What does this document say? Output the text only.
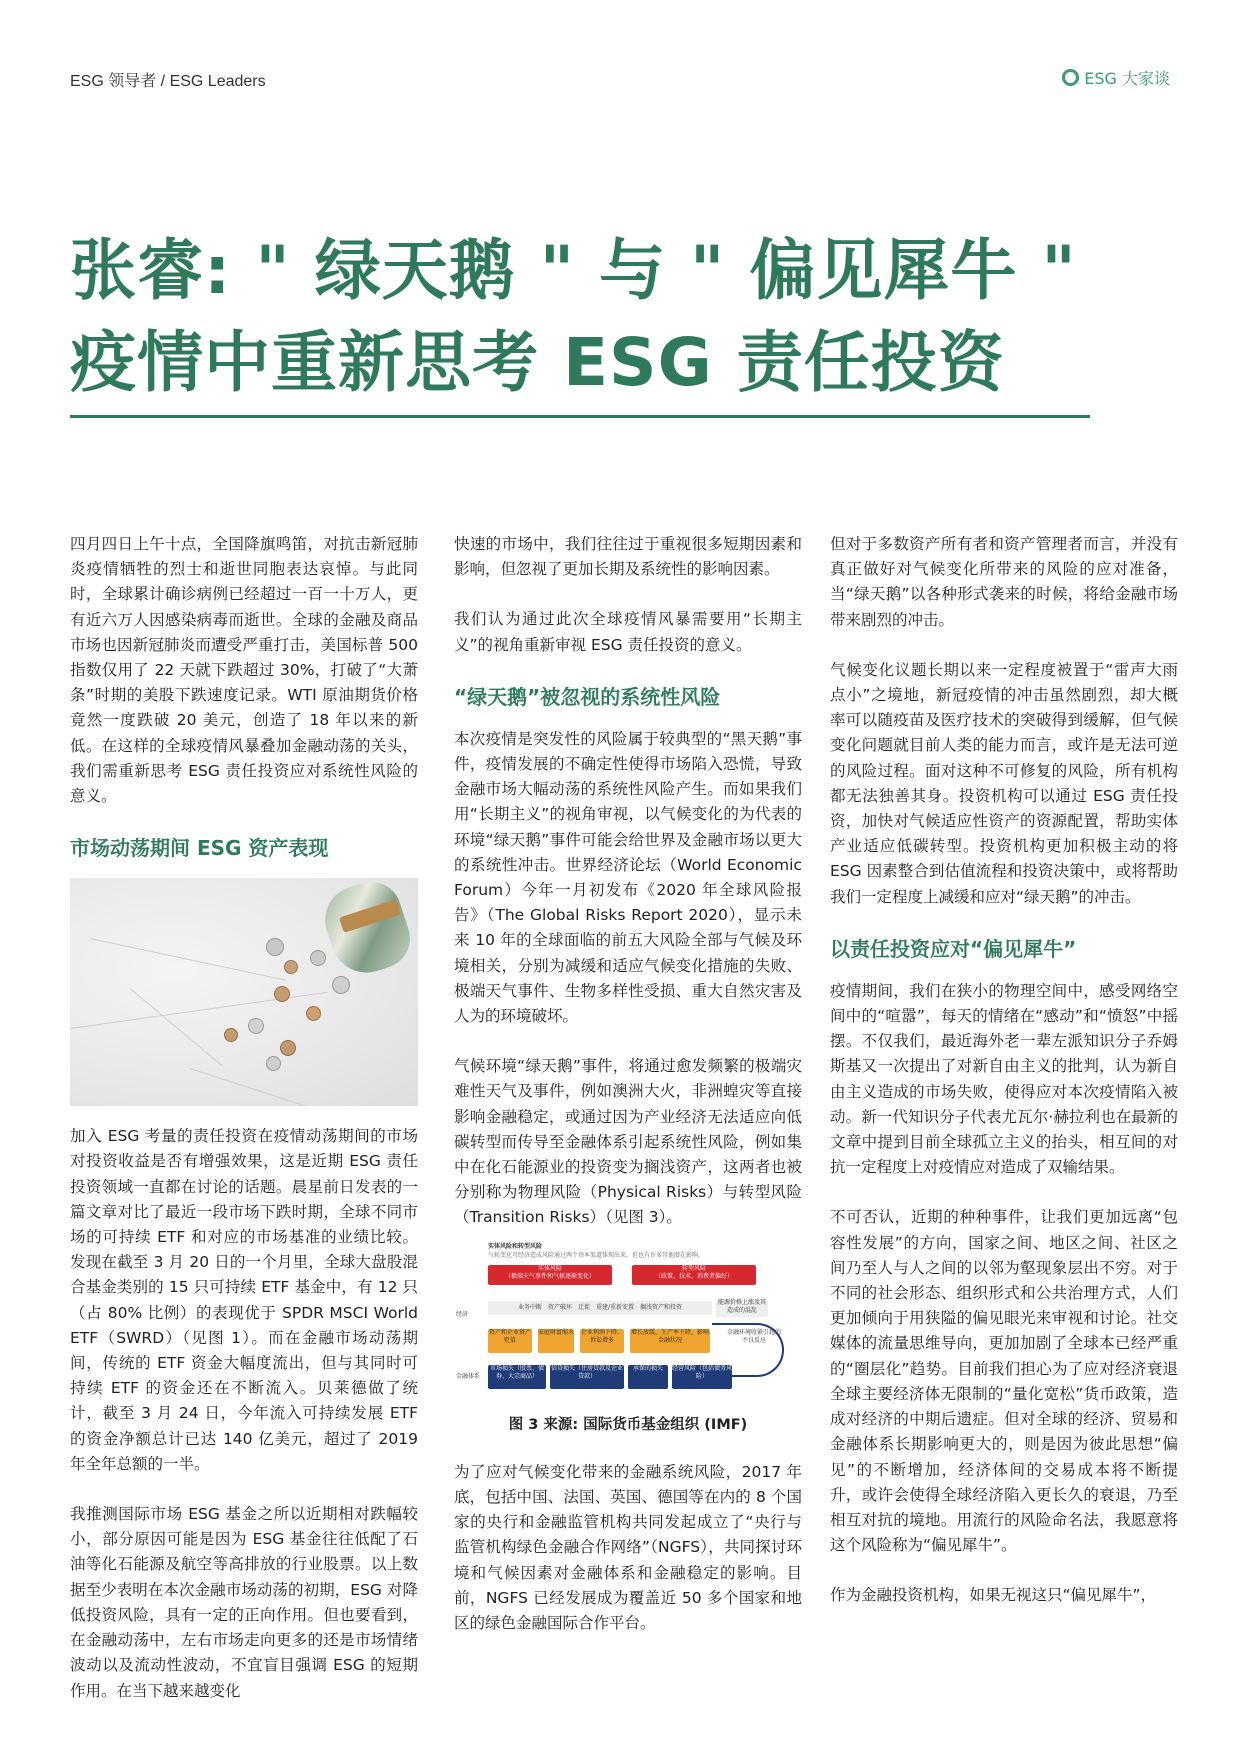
ESG 领导者 / ESG Leaders	ESG 大家谈
张睿: " 绿天鹅 " 与 " 偏见犀牛 "
疫情中重新思考 ESG 责任投资

四月四日上午十点，全国降旗鸣笛，对抗击新冠肺炎疫情牺牲的烈士和逝世同胞表达哀悼。与此同时，全球累计确诊病例已经超过一百一十万人，更有近六万人因感染病毒而逝世。全球的金融及商品市场也因新冠肺炎而遭受严重打击，美国标普 500 指数仅用了 22 天就下跌超过 30%，打破了“大萧条”时期的美股下跌速度记录。WTI 原油期货价格竟然一度跌破 20 美元，创造了 18 年以来的新低。在这样的全球疫情风暴叠加金融动荡的关头，我们需重新思考 ESG 责任投资应对系统性风险的意义。

市场动荡期间 ESG 资产表现

加入 ESG 考量的责任投资在疫情动荡期间的市场对投资收益是否有增强效果，这是近期 ESG 责任投资领域一直都在讨论的话题。晨星前日发表的一篇文章对比了最近一段市场下跌时期，全球不同市场的可持续 ETF 和对应的市场基准的业绩比较。发现在截至 3 月 20 日的一个月里，全球大盘股混合基金类别的 15 只可持续 ETF 基金中，有 12 只（占 80% 比例）的表现优于 SPDR MSCI World ETF（SWRD）（见图 1）。而在金融市场动荡期间，传统的 ETF 资金大幅度流出，但与其同时可持续 ETF 的资金还在不断流入。贝莱德做了统计，截至 3 月 24 日，今年流入可持续发展 ETF 的资金净额总计已达 140 亿美元，超过了 2019 年全年总额的一半。

我推测国际市场 ESG 基金之所以近期相对跌幅较小，部分原因可能是因为 ESG 基金往往低配了石油等化石能源及航空等高排放的行业股票。以上数据至少表明在本次金融市场动荡的初期，ESG 对降低投资风险，具有一定的正向作用。但也要看到，在金融动荡中，左右市场走向更多的还是市场情绪波动以及流动性波动，不宜盲目强调 ESG 的短期作用。在当下越来越变化

快速的市场中，我们往往过于重视很多短期因素和影响，但忽视了更加长期及系统性的影响因素。

我们认为通过此次全球疫情风暴需要用“长期主义”的视角重新审视 ESG 责任投资的意义。

“绿天鹅”被忽视的系统性风险

本次疫情是突发性的风险属于较典型的“黑天鹅”事件，疫情发展的不确定性使得市场陷入恐慌，导致金融市场大幅动荡的系统性风险产生。而如果我们用“长期主义”的视角审视，以气候变化的为代表的环境“绿天鹅”事件可能会给世界及金融市场以更大的系统性冲击。世界经济论坛（World Economic Forum）今年一月初发布《2020 年全球风险报告》（The Global Risks Report 2020），显示未来 10 年的全球面临的前五大风险全部与气候及环境相关，分别为减缓和适应气候变化措施的失败、极端天气事件、生物多样性受损、重大自然灾害及人为的环境破坏。

气候环境“绿天鹅”事件，将通过愈发频繁的极端灾难性天气及事件，例如澳洲大火，非洲蝗灾等直接影响金融稳定，或通过因为产业经济无法适应向低碳转型而传导至金融体系引起系统性风险，例如集中在化石能源业的投资变为搁浅资产，这两者也被分别称为物理风险（Physical Risks）与转型风险（Transition Risks）（见图 3）。

实体风险和转型风险
气候变化可经济造成风险通过两个基本渠道体现出来。但也有许多其他潜在影响。
实体风险
（极端天气事件和气候逐渐变化）
转型风险
（政策、技术、消费者偏好）
经济
金融体系
业务中断　资产破坏　迁徙　重建/重新安置　搁浅资产和投资
能源价格上涨及其造成的混乱
资产和企业资产贬值
家庭财富缩水 企业利润下降，诉讼增多
增长放缓，生产率下降，影响金融状况
金融环境收紧引起的不良反应
市场损失（股票、债券、大宗商品）
信贷损失（住房贷款及企业贷款）
承保的损失	经营风险（包括债务风险）
图 3 来源: 国际货币基金组织 (IMF)

为了应对气候变化带来的金融系统风险，2017 年底，包括中国、法国、英国、德国等在内的 8 个国家的央行和金融监管机构共同发起成立了“央行与监管机构绿色金融合作网络”（NGFS），共同探讨环境和气候因素对金融体系和金融稳定的影响。目前，NGFS 已经发展成为覆盖近 50 多个国家和地区的绿色金融国际合作平台。

但对于多数资产所有者和资产管理者而言，并没有真正做好对气候变化所带来的风险的应对准备，当“绿天鹅”以各种形式袭来的时候，将给金融市场带来剧烈的冲击。

气候变化议题长期以来一定程度被置于“雷声大雨点小”之境地，新冠疫情的冲击虽然剧烈，却大概率可以随疫苗及医疗技术的突破得到缓解，但气候变化问题就目前人类的能力而言，或许是无法可逆的风险过程。面对这种不可修复的风险，所有机构都无法独善其身。投资机构可以通过 ESG 责任投资，加快对气候适应性资产的资源配置，帮助实体产业适应低碳转型。投资机构更加积极主动的将 ESG 因素整合到估值流程和投资决策中，或将帮助我们一定程度上减缓和应对“绿天鹅”的冲击。

以责任投资应对“偏见犀牛”

疫情期间，我们在狭小的物理空间中，感受网络空间中的“喧嚣”，每天的情绪在“感动”和“愤怒”中摇摆。不仅我们，最近海外老一辈左派知识分子乔姆斯基又一次提出了对新自由主义的批判，认为新自由主义造成的市场失败，使得应对本次疫情陷入被动。新一代知识分子代表尤瓦尔·赫拉利也在最新的文章中提到目前全球孤立主义的抬头，相互间的对抗一定程度上对疫情应对造成了双输结果。

不可否认，近期的种种事件，让我们更加远离“包容性发展”的方向，国家之间、地区之间、社区之间乃至人与人之间的以邻为壑现象层出不穷。对于不同的社会形态、组织形式和公共治理方式，人们更加倾向于用狭隘的偏见眼光来审视和讨论。社交媒体的流量思维导向，更加加剧了全球本已经严重的“圈层化”趋势。目前我们担心为了应对经济衰退全球主要经济体无限制的“量化宽松”货币政策，造成对经济的中期后遗症。但对全球的经济、贸易和金融体系长期影响更大的，则是因为彼此思想“偏见”的不断增加，经济体间的交易成本将不断提升，或许会使得全球经济陷入更长久的衰退，乃至相互对抗的境地。用流行的风险命名法，我愿意将这个风险称为“偏见犀牛”。

作为金融投资机构，如果无视这只“偏见犀牛”，
